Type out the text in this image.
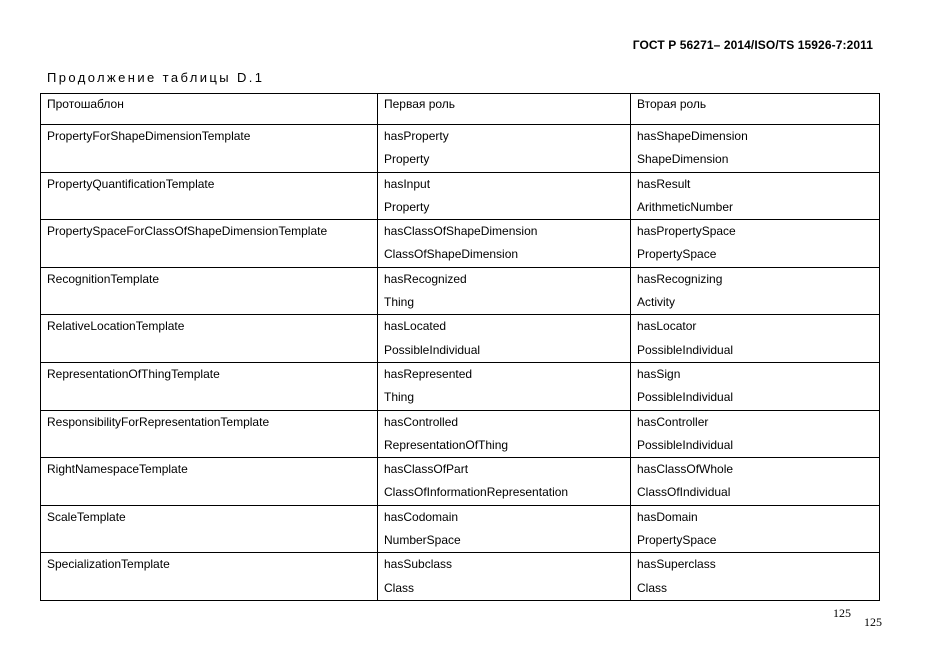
ГОСТ Р 56271– 2014/ISO/TS 15926-7:2011
Продолжение таблицы D.1
Протошаблон	Первая роль	Вторая роль
PropertyForShapeDimensionTemplate	hasProperty	hasShapeDimension
	Property	ShapeDimension
PropertyQuantificationTemplate	hasInput	hasResult
	Property	ArithmeticNumber
PropertySpaceForClassOfShapeDimensionTemplate	hasClassOfShapeDimension	hasPropertySpace
	ClassOfShapeDimension	PropertySpace
RecognitionTemplate	hasRecognized	hasRecognizing
	Thing	Activity
RelativeLocationTemplate	hasLocated	hasLocator
	PossibleIndividual	PossibleIndividual
RepresentationOfThingTemplate	hasRepresented	hasSign
	Thing	PossibleIndividual
ResponsibilityForRepresentationTemplate	hasControlled	hasController
	RepresentationOfThing	PossibleIndividual
RightNamespaceTemplate	hasClassOfPart	hasClassOfWhole
	ClassOfInformationRepresentation	ClassOfIndividual
ScaleTemplate	hasCodomain	hasDomain
	NumberSpace	PropertySpace
SpecializationTemplate	hasSubclass	hasSuperclass
	Class	Class
125
125
